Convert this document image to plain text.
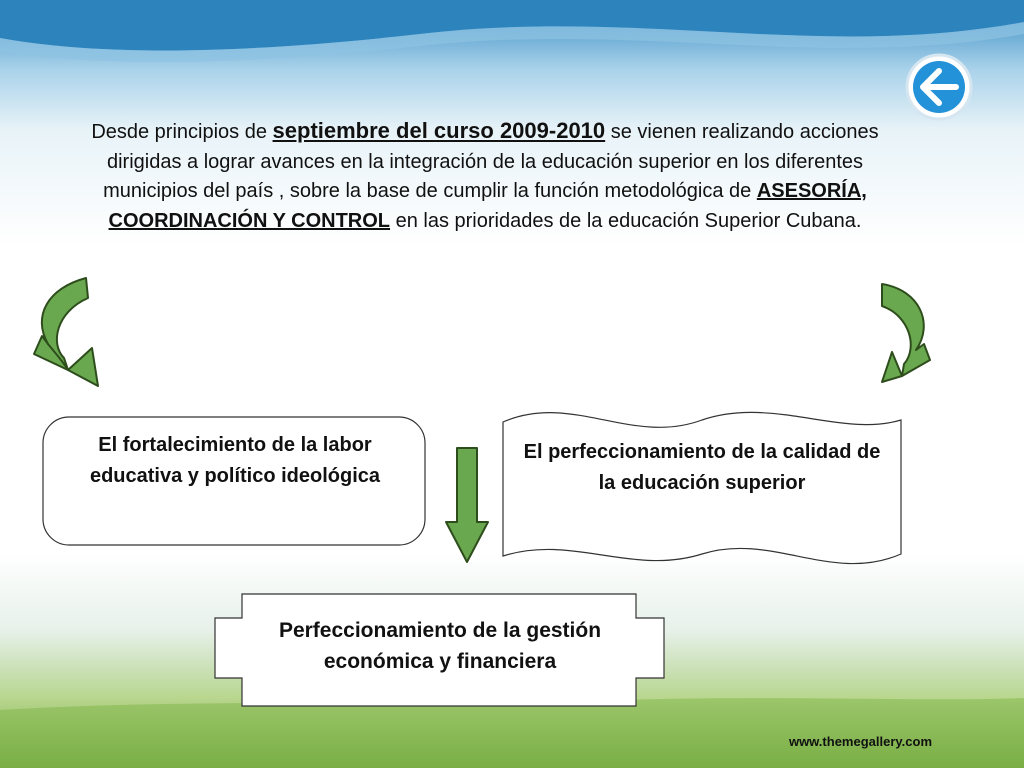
Desde principios de septiembre del curso 2009-2010 se vienen realizando acciones dirigidas a lograr avances en la integración de la educación superior en los diferentes municipios del país , sobre la base de cumplir la función metodológica de ASESORÍA, COORDINACIÓN Y CONTROL en las prioridades de la educación Superior Cubana.
El fortalecimiento de la labor educativa y político ideológica
El perfeccionamiento de la calidad de la educación superior
Perfeccionamiento de la gestión económica y financiera
www.themegallery.com
